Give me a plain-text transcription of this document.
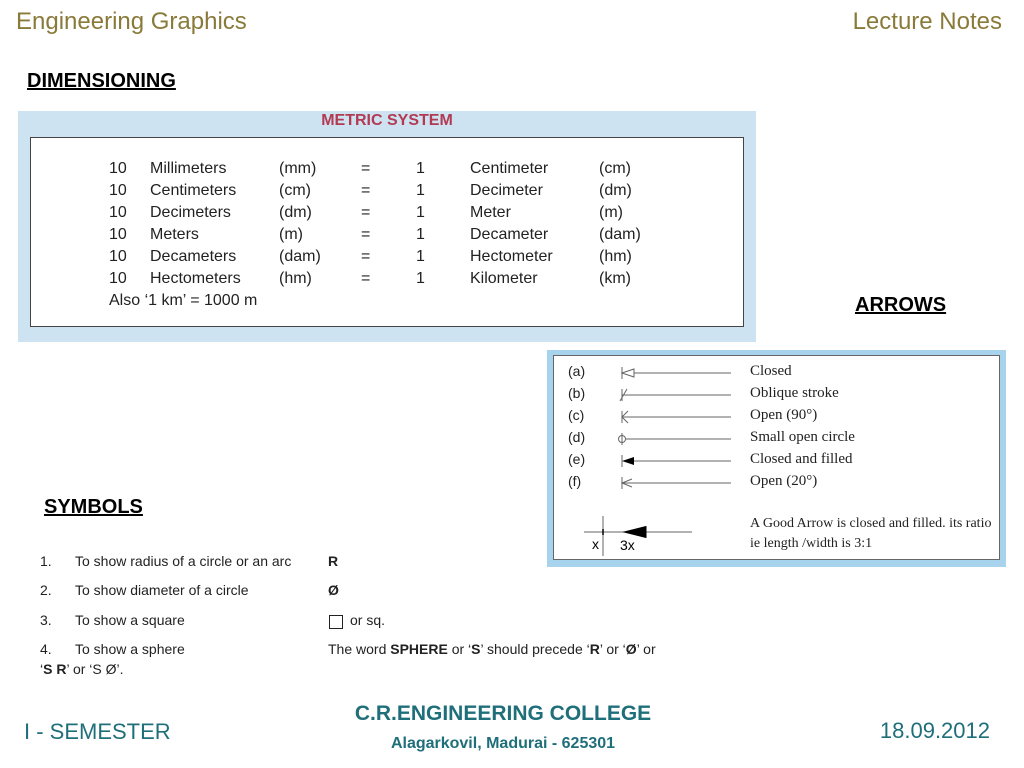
Engineering Graphics	Lecture Notes
DIMENSIONING
METRIC SYSTEM
10 Millimeters	(mm)	=	1	Centimeter	(cm)
10 Centimeters	(cm)	=	1	Decimeter	(dm)
10 Decimeters	(dm)	=	1	Meter	(m)
10 Meters	(m)	=	1	Decameter	(dam)
10 Decameters	(dam)	=	1	Hectometer	(hm)
10 Hectometers (hm)	=	1	Kilometer	(km)
Also ‘1 km’ = 1000 m	ARROWS
(a)	Closed
(b)	Oblique stroke
(c)	Open (90°)
(d)	Small open circle
(e)	Closed and filled
(f)	Open (20°)
x 3x
A Good Arrow is closed and filled. its ratio ie length /width is 3:1
SYMBOLS
1. To show radius of a circle or an arc	R
2. To show diameter of a circle	Ø
3. To show a square	or sq.
4. To show a sphere	The word SPHERE or ‘S’ should precede ‘R’ or ‘Ø’ or
‘S R’ or ‘S Ø’.
I - SEMESTER
C.R.ENGINEERING COLLEGE
Alagarkovil, Madurai - 625301
18.09.2012
